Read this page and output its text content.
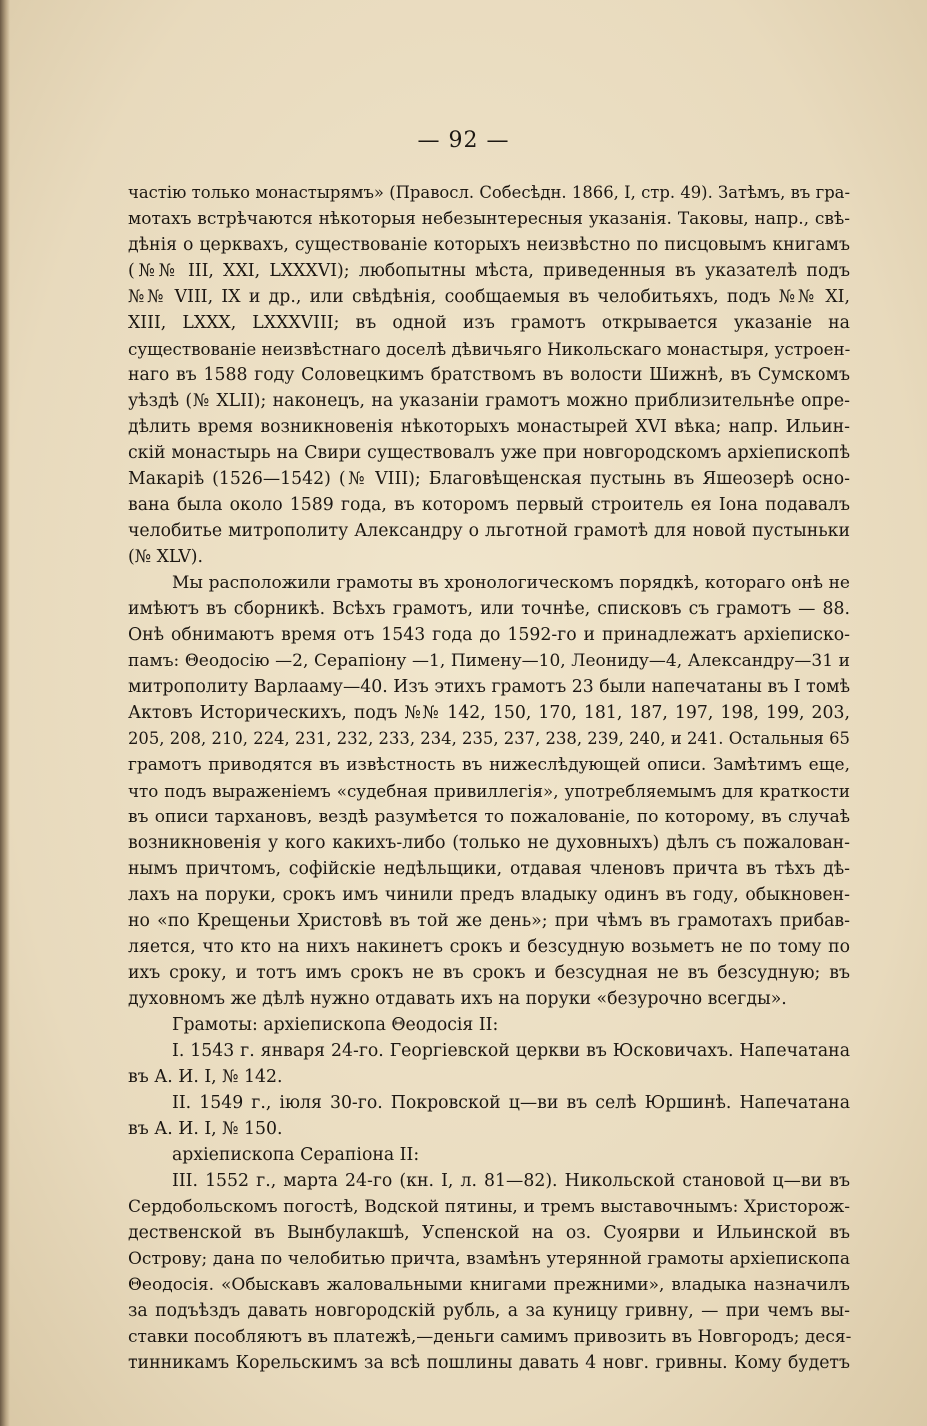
— 92 —
частію только монастырямъ» (Правосл. Собесѣдн. 1866, I, стр. 49). Затѣмъ, въ гра-
мотахъ встрѣчаются нѣкоторыя небезынтересныя указанія. Таковы, напр., свѣ-
дѣнія о церквахъ, существованіе которыхъ неизвѣстно по писцовымъ книгамъ
(№№ III, XXI, LXXXVI); любопытны мѣста, приведенныя въ указателѣ подъ
№№ VIII, IX и др., или свѣдѣнія, сообщаемыя въ челобитьяхъ, подъ №№ XI,
XIII, LXXX, LXXXVIII; въ одной изъ грамотъ открывается указаніе на
существованіе неизвѣстнаго доселѣ дѣвичьяго Никольскаго монастыря, устроен-
наго въ 1588 году Соловецкимъ братствомъ въ волости Шижнѣ, въ Сумскомъ
уѣздѣ (№ XLII); наконецъ, на указаніи грамотъ можно приблизительнѣе опре-
дѣлить время возникновенія нѣкоторыхъ монастырей XVI вѣка; напр. Ильин-
скій монастырь на Свири существовалъ уже при новгородскомъ архіепископѣ
Макаріѣ (1526—1542) (№ VIII); Благовѣщенская пустынь въ Яшеозерѣ осно-
вана была около 1589 года, въ которомъ первый строитель ея Іона подавалъ
челобитье митрополиту Александру о льготной грамотѣ для новой пустыньки
(№ XLV).
Мы расположили грамоты въ хронологическомъ порядкѣ, котораго онѣ не
имѣютъ въ сборникѣ. Всѣхъ грамотъ, или точнѣе, списковъ съ грамотъ — 88.
Онѣ обнимаютъ время отъ 1543 года до 1592-го и принадлежатъ архіеписко-
памъ: Θеодосію —2, Серапіону —1, Пимену—10, Леониду—4, Александру—31 и
митрополиту Варлааму—40. Изъ этихъ грамотъ 23 были напечатаны въ I томѣ
Актовъ Историческихъ, подъ №№ 142, 150, 170, 181, 187, 197, 198, 199, 203,
205, 208, 210, 224, 231, 232, 233, 234, 235, 237, 238, 239, 240, и 241. Остальныя 65
грамотъ приводятся въ извѣстность въ нижеслѣдующей описи. Замѣтимъ еще,
что подъ выраженіемъ «судебная привиллегія», употребляемымъ для краткости
въ описи тархановъ, вездѣ разумѣется то пожалованіе, по которому, въ случаѣ
возникновенія у кого какихъ-либо (только не духовныхъ) дѣлъ съ пожалован-
нымъ причтомъ, софійскіе недѣльщики, отдавая членовъ причта въ тѣхъ дѣ-
лахъ на поруки, срокъ имъ чинили предъ владыку одинъ въ году, обыкновен-
но «по Крещеньи Христовѣ въ той же день»; при чѣмъ въ грамотахъ прибав-
ляется, что кто на нихъ накинетъ срокъ и безсудную возьметъ не по тому по
ихъ сроку, и тотъ имъ срокъ не въ срокъ и безсудная не въ безсудную; въ
духовномъ же дѣлѣ нужно отдавать ихъ на поруки «безурочно всегды».
Грамоты: архіепископа Θеодосія II:
I. 1543 г. января 24-го. Георгіевской церкви въ Юсковичахъ. Напечатана
въ А. И. I, № 142.
II. 1549 г., іюля 30-го. Покровской ц—ви въ селѣ Юршинѣ. Напечатана
въ А. И. I, № 150.
архіепископа Серапіона II:
III. 1552 г., марта 24-го (кн. I, л. 81—82). Никольской становой ц—ви въ
Сердобольскомъ погостѣ, Водской пятины, и тремъ выставочнымъ: Христорож-
дественской въ Вынбулакшѣ, Успенской на оз. Суоярви и Ильинской въ
Острову; дана по челобитью причта, взамѣнъ утерянной грамоты архіепископа
Θеодосія. «Обыскавъ жаловальными книгами прежними», владыка назначилъ
за подъѣздъ давать новгородскій рубль, а за куницу гривну, — при чемъ вы-
ставки пособляютъ въ платежѣ,—деньги самимъ привозить въ Новгородъ; деся-
тинникамъ Корельскимъ за всѣ пошлины давать 4 новг. гривны. Кому будетъ
